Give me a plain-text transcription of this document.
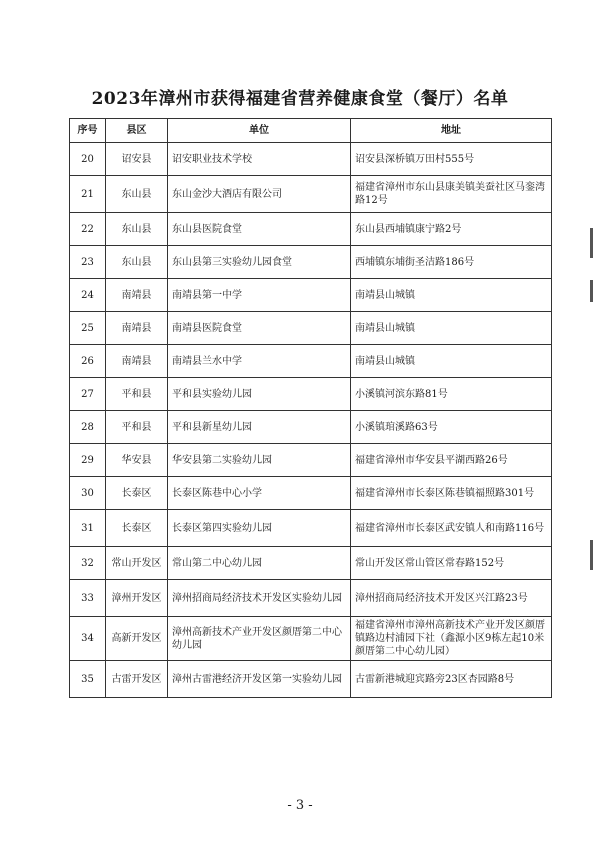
2023年漳州市获得福建省营养健康食堂（餐厅）名单
序号	县区	单位	地址
20	诏安县	诏安职业技术学校	诏安县深桥镇万田村555号
21	东山县	东山金沙大酒店有限公司	福建省漳州市东山县康美镇美蚕社区马銮湾路12号
22	东山县	东山县医院食堂	东山县西埔镇康宁路2号
23	东山县	东山县第三实验幼儿园食堂	西埔镇东埔街圣洁路186号
24	南靖县	南靖县第一中学	南靖县山城镇
25	南靖县	南靖县医院食堂	南靖县山城镇
26	南靖县	南靖县兰水中学	南靖县山城镇
27	平和县	平和县实验幼儿园	小溪镇河滨东路81号
28	平和县	平和县新星幼儿园	小溪镇琯溪路63号
29	华安县	华安县第二实验幼儿园	福建省漳州市华安县平湖西路26号
30	长泰区	长泰区陈巷中心小学	福建省漳州市长泰区陈巷镇福照路301号
31	长泰区	长泰区第四实验幼儿园	福建省漳州市长泰区武安镇人和南路116号
32	常山开发区	常山第二中心幼儿园	常山开发区常山管区常春路152号
33	漳州开发区	漳州招商局经济技术开发区实验幼儿园	漳州招商局经济技术开发区兴江路23号
34	高新开发区	漳州高新技术产业开发区颜厝第二中心幼儿园	福建省漳州市漳州高新技术产业开发区颜厝镇路边村浦园下社（鑫源小区9栋左起10米颜厝第二中心幼儿园）
35	古雷开发区	漳州古雷港经济开发区第一实验幼儿园	古雷新港城迎宾路旁23区杏园路8号
- 3 -
